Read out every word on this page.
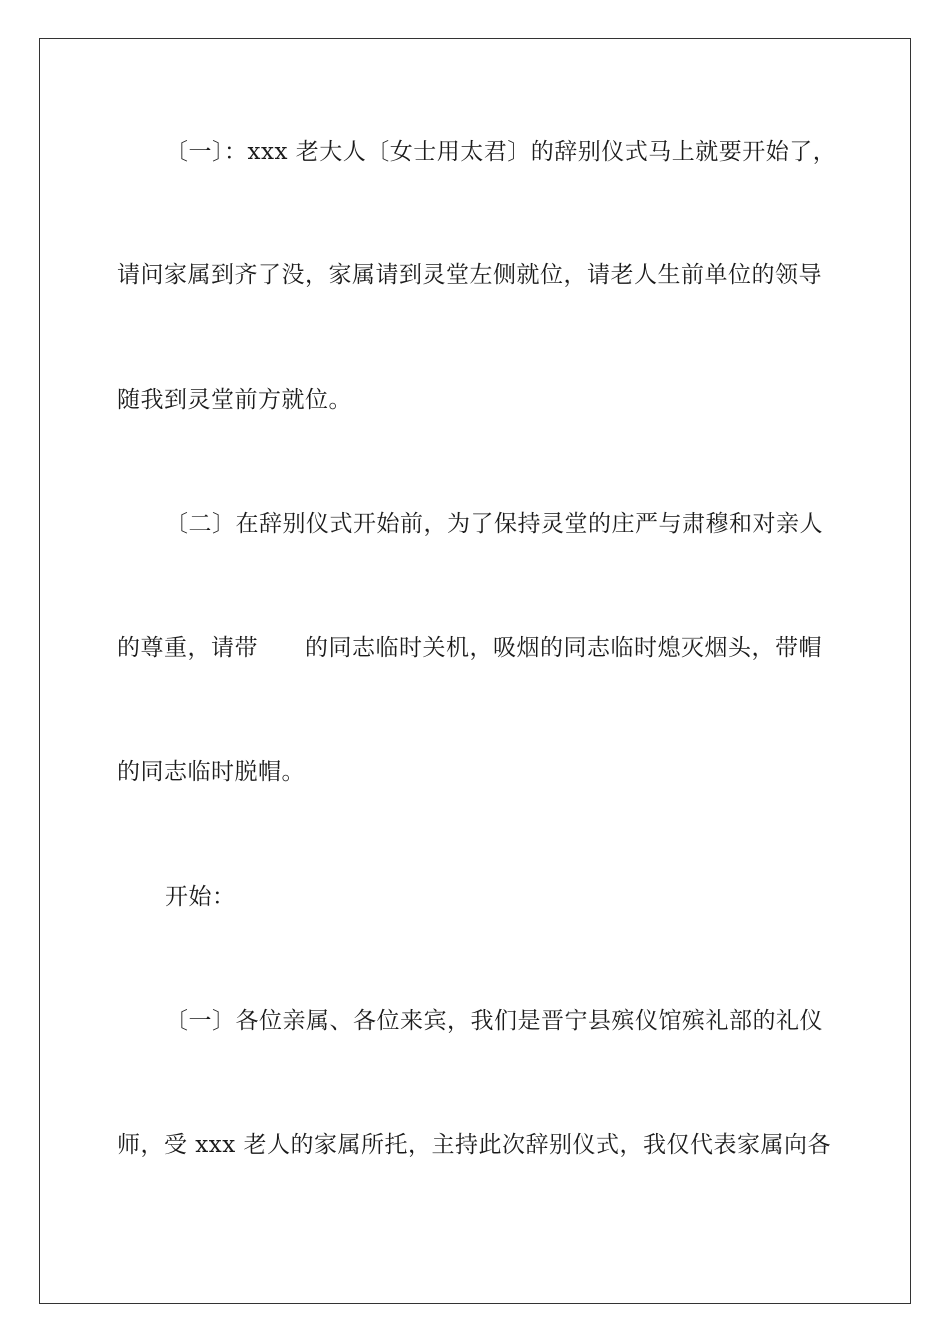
〔一〕：xxx 老大人〔女士用太君〕的辞别仪式马上就要开始了，
请问家属到齐了没，家属请到灵堂左侧就位，请老人生前单位的领导
随我到灵堂前方就位。
〔二〕在辞别仪式开始前，为了保持灵堂的庄严与肃穆和对亲人
的尊重，请带　　的同志临时关机，吸烟的同志临时熄灭烟头，带帽
的同志临时脱帽。
开始：
〔一〕各位亲属、各位来宾，我们是晋宁县殡仪馆殡礼部的礼仪
师，受 xxx 老人的家属所托，主持此次辞别仪式，我仅代表家属向各
